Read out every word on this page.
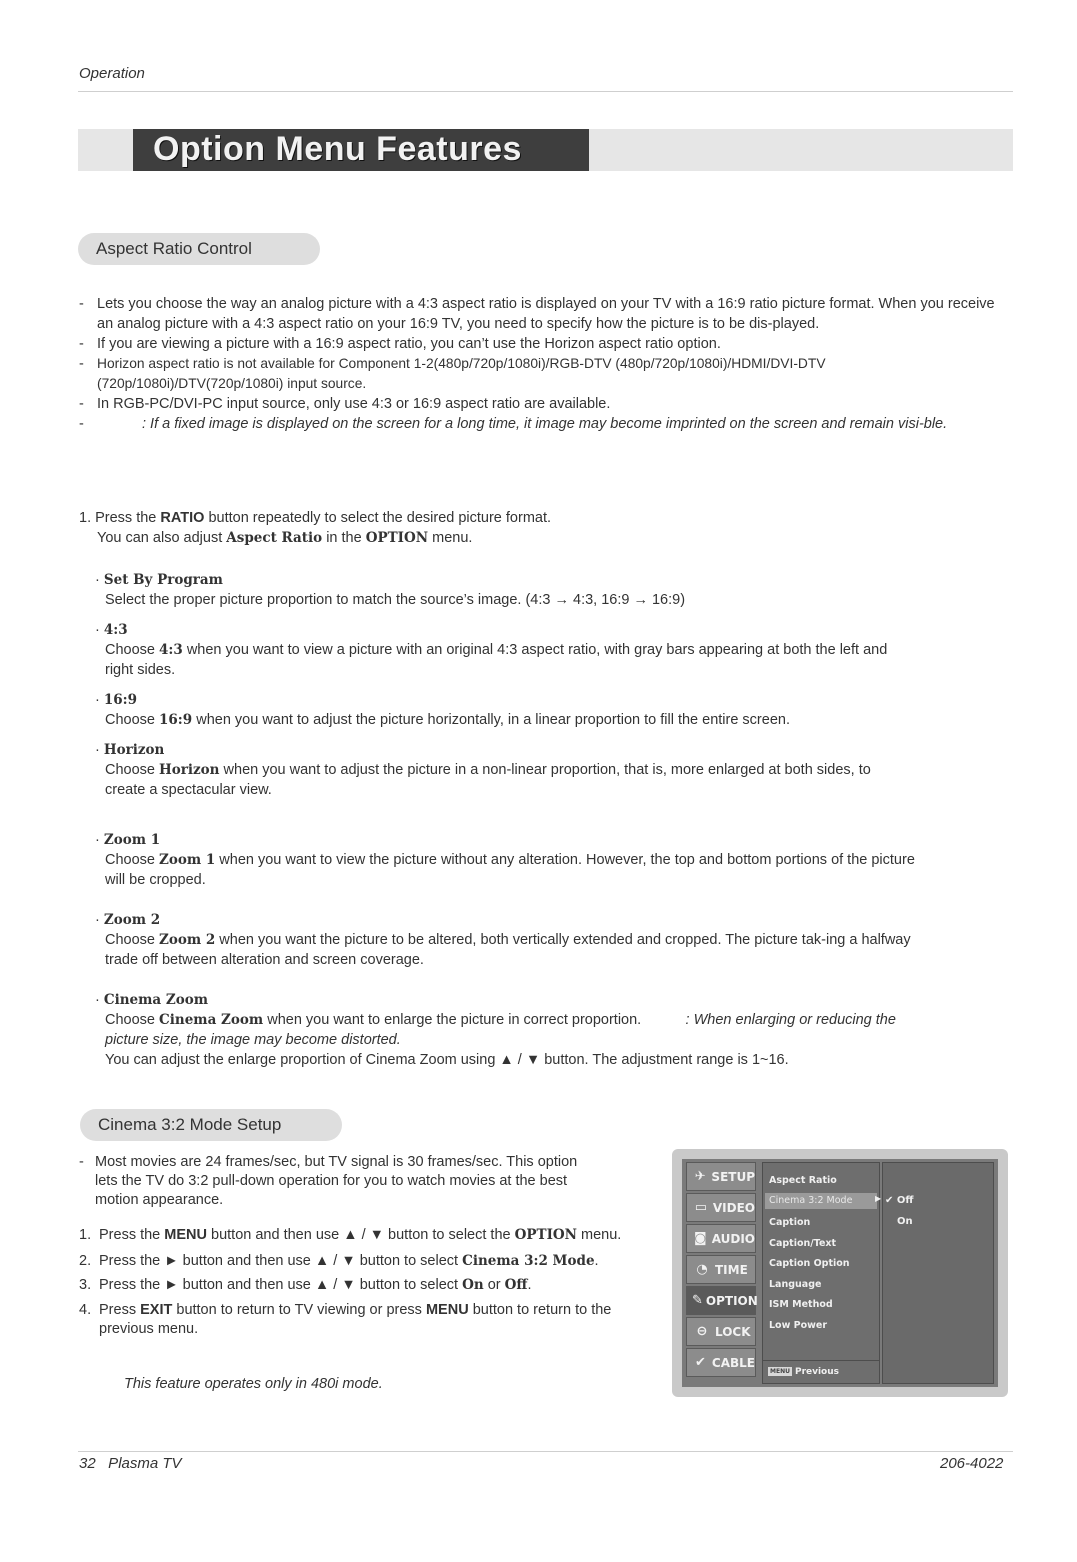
Operation
Option Menu Features
Aspect Ratio Control
- Lets you choose the way an analog picture with a 4:3 aspect ratio is displayed on your TV with a 16:9 ratio picture format. When you receive an analog picture with a 4:3 aspect ratio on your 16:9 TV, you need to specify how the picture is to be dis-played.
- If you are viewing a picture with a 16:9 aspect ratio, you can’t use the Horizon aspect ratio option.
- Horizon aspect ratio is not available for Component 1-2(480p/720p/1080i)/RGB-DTV (480p/720p/1080i)/HDMI/DVI-DTV (720p/1080i)/DTV(720p/1080i) input source.
- In RGB-PC/DVI-PC input source, only use 4:3 or 16:9 aspect ratio are available.
-	: If a fixed image is displayed on the screen for a long time, it image may become imprinted on the screen and remain visi-ble.
1. Press the RATIO button repeatedly to select the desired picture format.
You can also adjust Aspect Ratio in the OPTION menu.
· Set By Program
Select the proper picture proportion to match the source’s image. (4:3 → 4:3, 16:9 → 16:9)
· 4:3
Choose 4:3 when you want to view a picture with an original 4:3 aspect ratio, with gray bars appearing at both the left and right sides.
· 16:9
Choose 16:9 when you want to adjust the picture horizontally, in a linear proportion to fill the entire screen.
· Horizon
Choose Horizon when you want to adjust the picture in a non-linear proportion, that is, more enlarged at both sides, to create a spectacular view.
· Zoom 1
Choose Zoom 1 when you want to view the picture without any alteration. However, the top and bottom portions of the picture will be cropped.
· Zoom 2
Choose Zoom 2 when you want the picture to be altered, both vertically extended and cropped. The picture tak-ing a halfway trade off between alteration and screen coverage.
· Cinema Zoom
Choose Cinema Zoom when you want to enlarge the picture in correct proportion.	: When enlarging or reducing the picture size, the image may become distorted.
You can adjust the enlarge proportion of Cinema Zoom using ▲ / ▼ button. The adjustment range is 1~16.
Cinema 3:2 Mode Setup
- Most movies are 24 frames/sec, but TV signal is 30 frames/sec. This option lets the TV do 3:2 pull-down operation for you to watch movies at the best motion appearance.
1. Press the MENU button and then use ▲ / ▼ button to select the OPTION menu.
2. Press the ► button and then use ▲ / ▼ button to select Cinema 3:2 Mode.
3. Press the ► button and then use ▲ / ▼ button to select On or Off.
4. Press EXIT button to return to TV viewing or press MENU button to return to the previous menu.
This feature operates only in 480i mode.
✈ SETUP
▭ VIDEO
◙ AUDIO
◔ TIME
✎ OPTION
⊖ LOCK
✔ CABLE
Aspect Ratio
Cinema 3:2 Mode	▶
Caption
Caption/Text
Caption Option
Language
ISM Method
Low Power
MENU Previous
✔ Off
On
32   Plasma TV	206-4022
